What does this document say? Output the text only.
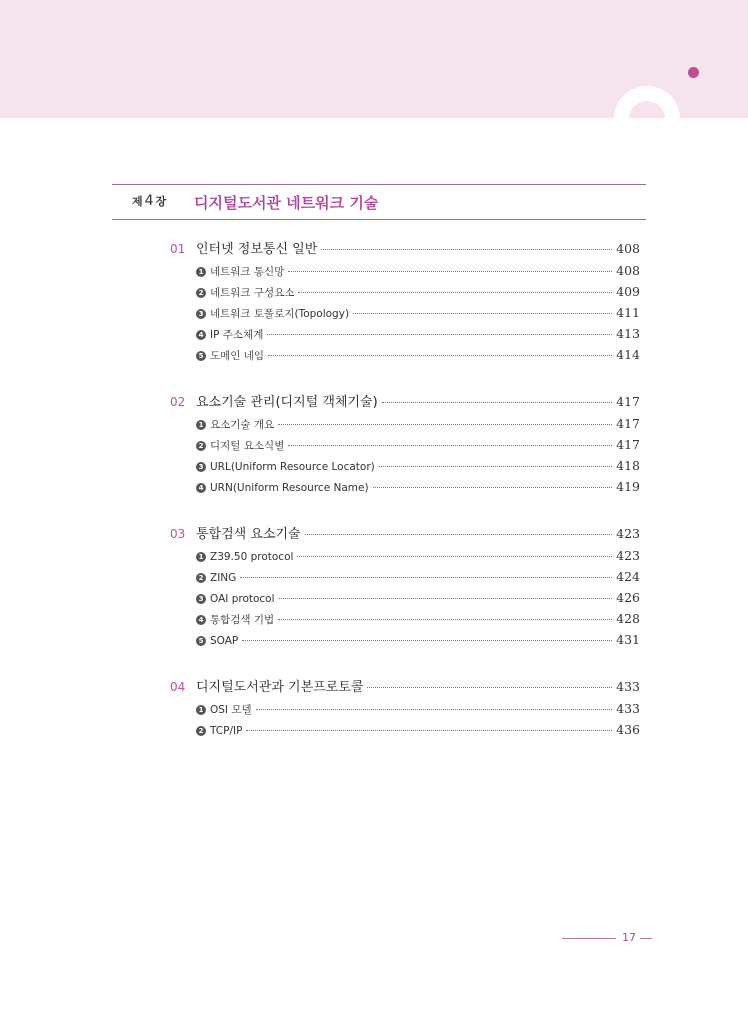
제 4 장 디지털도서관 네트워크 기술
01 인터넷 정보통신 일반	408
1 네트워크 통신망	408
2 네트워크 구성요소	409
3 네트워크 토폴로지(Topology)	411
4 IP 주소체계	413
5 도메인 네임	414
02 요소기술 관리(디지털 객체기술)	417
1 요소기술 개요	417
2 디지털 요소식별	417
3 URL(Uniform Resource Locator)	418
4 URN(Uniform Resource Name)	419
03 통합검색 요소기술	423
1 Z39.50 protocol	423
2 ZING	424
3 OAI protocol	426
4 통합검색 기법	428
5 SOAP	431
04 디지털도서관과 기본프로토콜	433
1 OSI 모델	433
2 TCP/IP	436
17
